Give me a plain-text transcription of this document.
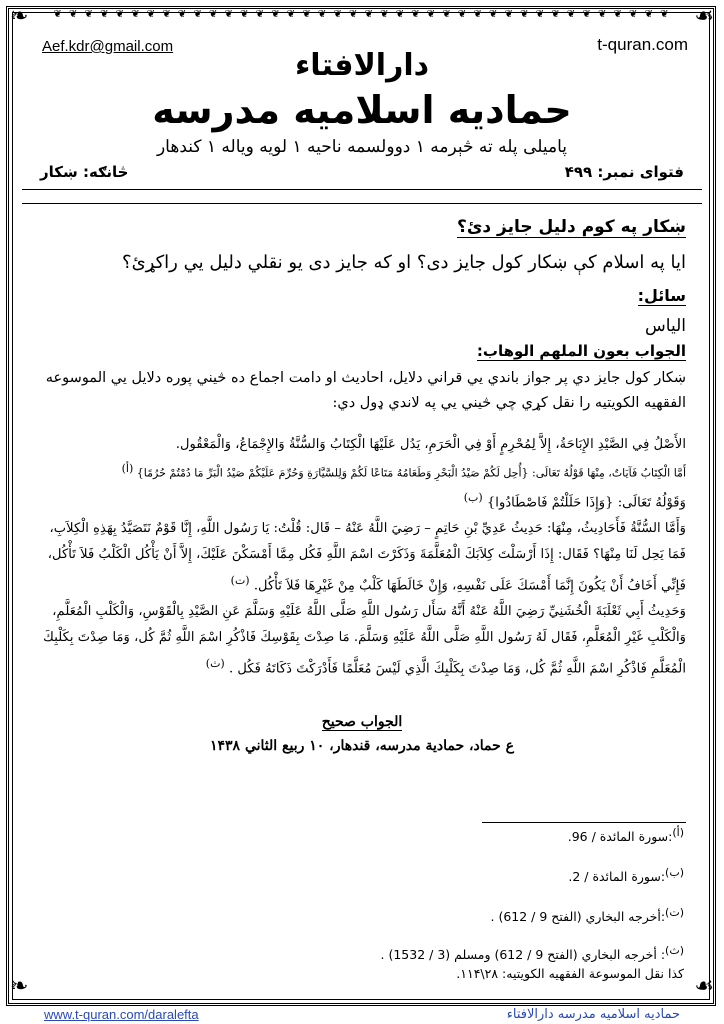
❦ ❦ ❦ ❦ ❦ ❦ ❦ ❦ ❦ ❦ ❦ ❦ ❦ ❦ ❦ ❦ ❦ ❦ ❦ ❦ ❦ ❦ ❦ ❦ ❦ ❦ ❦ ❦ ❦ ❦ ❦ ❦ ❦ ❦ ❦ ❦ ❦ ❦ ❦ ❦
❧	☙
❧	☙
Aef.kdr@gmail.com	t-quran.com
دارالافتاء
حمادیه اسلامیه مدرسه
پامیلی پله ته څېرمه ۱ دوولسمه ناحیه ۱ لویه ویاله ۱ کندهار
فتوای نمبر: ۴۹۹
څانګه: ښکار
ښکار په کوم دلیل جایز دئ؟
ایا په اسلام کې ښکار کول جایز دی؟ او که جایز دی یو نقلي دلیل یي راکړئ؟
سائل:
الیاس
الجواب بعون الملهم الوهاب:
ښکار کول جایز دي پر جواز باندي يي قراني دلایل، احادیث او دامت اجماع ده څیني پوره دلایل يي الموسوعه الفقهيه الکويتيه را نقل کړي چي څیني يي په لاندي ډول دي:
الأَصْلُ فِي الصَّيْدِ الإِبَاحَةُ، إِلاَّ لِمُحْرِمٍ أَوْ فِي الْحَرَمِ، يَدُل عَلَيْهَا الْكِتَابُ وَالسُّنَّةُ وَالإِجْمَاعُ، وَالْمَعْقُول.
أَمَّا الْكِتَابُ فَآيَاتٌ، مِنْهَا قَوْلُهُ تَعَالَى: {أُحِل لَكُمْ صَيْدُ الْبَحْرِ وَطَعَامُهُ مَتَاعًا لَكُمْ وَلِلسَّيَّارَةِ وَحُرِّمَ عَلَيْكُمْ صَيْدُ الْبَرِّ مَا دُمْتُمْ حُرُمًا} $^{(أ)}$
وَقَوْلُهُ تَعَالَى: {وَإِذَا حَلَلْتُمْ فَاصْطَادُوا} $^{(ب)}$
وَأَمَّا السُّنَّةُ فَأَحَادِيثُ، مِنْهَا: حَدِيثُ عَدِيِّ بْنِ حَاتِمٍ – رَضِيَ اللَّهُ عَنْهُ – قَال: قُلْتُ: يَا رَسُول اللَّهِ، إِنَّا قَوْمٌ نَتَصَيَّدُ بِهَذِهِ الْكِلاَبِ، فَمَا يَحِل لَنَا مِنْهَا؟ فَقَال: إِذَا أَرْسَلْتَ كِلاَبَكَ الْمُعَلَّمَةَ وَذَكَرْتَ اسْمَ اللَّهِ فَكُل مِمَّا أَمْسَكْنَ عَلَيْكَ، إِلاَّ أَنْ يَأْكُل الْكَلْبُ فَلاَ تَأْكُل، فَإِنِّي أَخَافُ أَنْ يَكُونَ إِنَّمَا أَمْسَكَ عَلَى نَفْسِهِ، وَإِنْ خَالَطَهَا كَلْبٌ مِنْ غَيْرِهَا فَلاَ تَأْكُل. $^{(ت)}$
وَحَدِيثُ أَبِي ثَعْلَبَةَ الْخُشَنِيِّ رَضِيَ اللَّهُ عَنْهُ أَنَّهُ سَأَل رَسُول اللَّهِ صَلَّى اللَّهُ عَلَيْهِ وَسَلَّمَ عَنِ الصَّيْدِ بِالْقَوْسِ، وَالْكَلْبِ الْمُعَلَّمِ، وَالْكَلْبِ غَيْرِ الْمُعَلَّمِ، فَقَال لَهُ رَسُول اللَّهِ صَلَّى اللَّهُ عَلَيْهِ وَسَلَّمَ. مَا صِدْتَ بِقَوْسِكَ فَاذْكُرِ اسْمَ اللَّهِ ثُمَّ كُل، وَمَا صِدْتَ بِكَلْبِكَ الْمُعَلَّمِ فَاذْكُرِ اسْمَ اللَّهِ ثُمَّ كُل، وَمَا صِدْتَ بِكَلْبِكَ الَّذِي لَيْسَ مُعَلَّمًا فَأَدْرَكْتَ ذَكَاتَهُ فَكُل . $^{(ث)}$
الجواب صحیح
ع حماد، حمادیة مدرسه، قندهار، ۱۰ ربیع الثاني ۱۴۳۸
$^{(أ)}$:سورة المائدة / 96.
$^{(ب)}$:سورة المائدة / 2.
$^{(ت)}$:أخرجه البخاري (الفتح 9 / 612) .
$^{(ث)}$: أخرجه البخاري (الفتح 9 / 612) ومسلم (3 / 1532) .
کذا نقل الموسوعة الفقهیه الکویتیه: ۲۸\۱۱۴.
www.t-quran.com/daralefta	حمادیه اسلامیه مدرسه دارالافتاء
